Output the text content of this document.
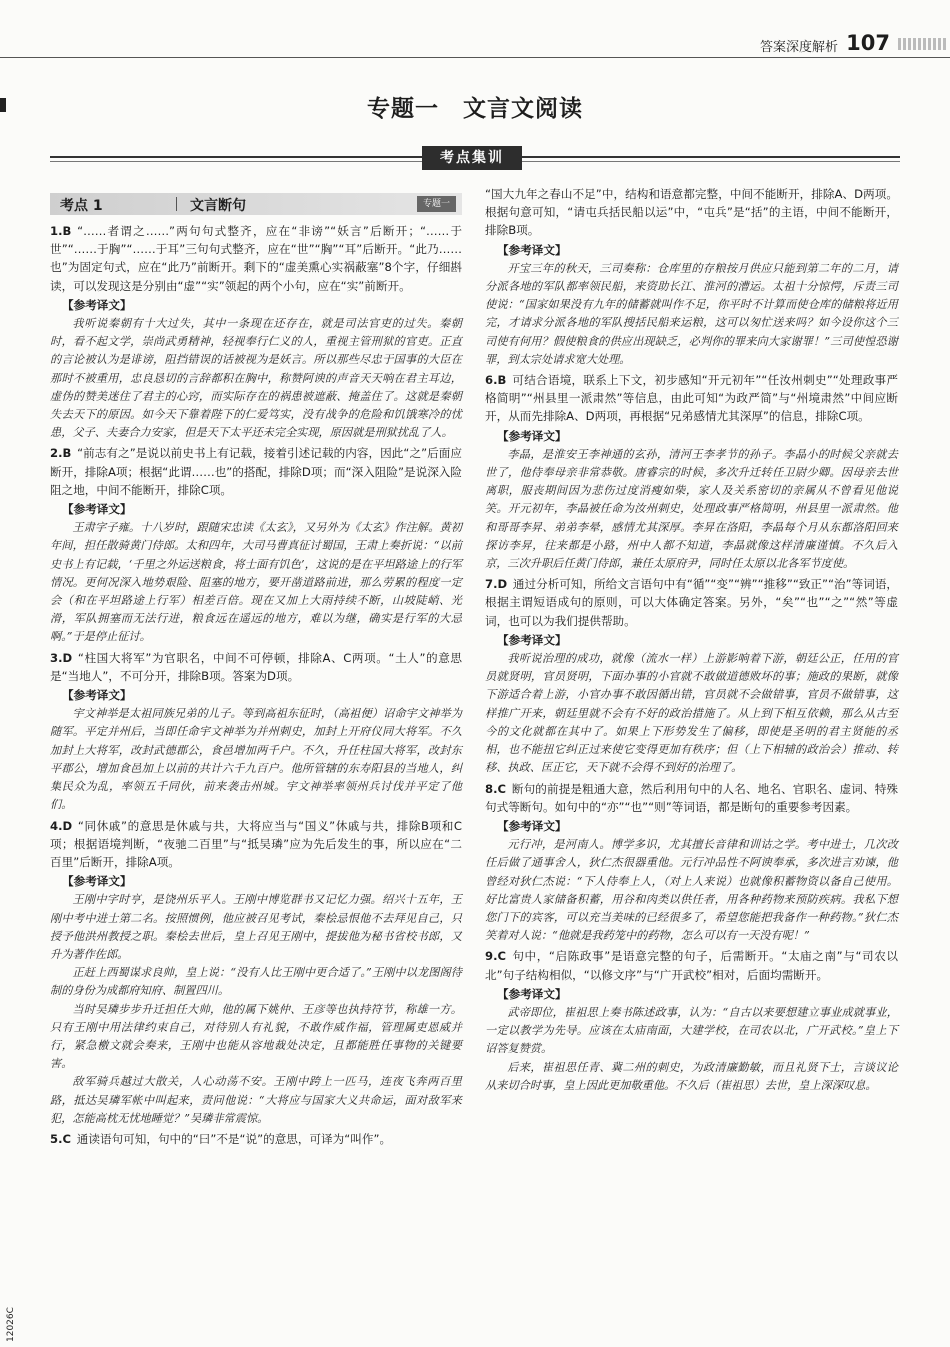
答案深度解析 107
专题一　文言文阅读
考点集训
考点 1	文言断句	专题一

1.B  “……者谓之……”两句句式整齐，应在“非谤”“妖言”后断开；“……于世”“……于胸”“……于耳”三句句式整齐，应在“世”“胸”“耳”后断开。“此乃……也”为固定句式，应在“此乃”前断开。剩下的“虚美熏心实祸蔽塞”8个字，仔细斟读，可以发现这是分别由“虚”“实”领起的两个小句，应在“实”前断开。

【参考译文】

我听说秦朝有十大过失，其中一条现在还存在，就是司法官吏的过失。秦朝时，看不起文学，崇尚武勇精神，轻视奉行仁义的人，重视主管刑狱的官吏。正直的言论被认为是诽谤，阻挡错误的话被视为是妖言。所以那些尽忠于国事的大臣在那时不被重用，忠良恳切的言辞都积在胸中，称赞阿谀的声音天天响在君主耳边，虚伪的赞美迷住了君主的心窍，而实际存在的祸患被遮蔽、掩盖住了。这就是秦朝失去天下的原因。如今天下靠着陛下的仁爱笃实，没有战争的危险和饥饿寒冷的忧患，父子、夫妻合力安家，但是天下太平还未完全实现，原因就是刑狱扰乱了人。

2.B  “前志有之”是说以前史书上有记载，接着引述记载的内容，因此“之”后面应断开，排除A项；根据“此谓……也”的搭配，排除D项；而“深入阻险”是说深入险阻之地，中间不能断开，排除C项。

【参考译文】

王肃字子雍。十八岁时，跟随宋忠读《太玄》，又另外为《太玄》作注解。黄初年间，担任散骑黄门侍郎。太和四年，大司马曹真征讨蜀国，王肃上奏折说：“以前史书上有记载，‘千里之外运送粮食，将士面有饥色’，这说的是在平坦路途上的行军情况。更何况深入地势艰险、阻塞的地方，要开凿道路前进，那么劳累的程度一定会（和在平坦路途上行军）相差百倍。现在又加上大雨持续不断，山坡陡峭、光滑，军队拥塞而无法行进，粮食远在遥远的地方，难以为继，确实是行军的大忌啊。”于是停止征讨。

3.D  “柱国大将军”为官职名，中间不可停顿，排除A、C两项。“土人”的意思是“当地人”，不可分开，排除B项。答案为D项。

【参考译文】

宇文神举是太祖同族兄弟的儿子。等到高祖东征时，（高祖便）诏命宇文神举为随军。平定并州后，当即任命宇文神举为并州刺史，加封上开府仪同大将军。不久加封上大将军，改封武德郡公，食邑增加两千户。不久，升任柱国大将军，改封东平郡公，增加食邑加上以前的共计六千九百户。他所管辖的东寿阳县的当地人，纠集民众为乱，率领五千同伙，前来袭击州城。宇文神举率领州兵讨伐并平定了他们。

4.D  “同休戚”的意思是休戚与共，大将应当与“国义”休戚与共，排除B项和C项；根据语境判断，“夜驰二百里”与“抵吴璘”应为先后发生的事，所以应在“二百里”后断开，排除A项。

【参考译文】

王刚中字时亨，是饶州乐平人。王刚中博览群书又记忆力强。绍兴十五年，王刚中考中进士第二名。按照惯例，他应被召见考试，秦桧忌恨他不去拜见自己，只授予他洪州教授之职。秦桧去世后，皇上召见王刚中，提拔他为秘书省校书郎，又升为著作佐郎。

正赶上西蜀谋求良帅，皇上说：“没有人比王刚中更合适了。”王刚中以龙图阁待制的身份为成都府知府、制置四川。

当时吴璘步步升迁担任大帅，他的属下姚仲、王彦等也执持符节，称雄一方。只有王刚中用法律约束自己，对待别人有礼貌，不敢作威作福，管理属吏恩威并行，紧急檄文就会奏来，王刚中也能从容地裁处决定，且都能胜任事物的关键要害。

敌军骑兵越过大散关，人心动荡不安。王刚中跨上一匹马，连夜飞奔两百里路，抵达吴璘军帐中叫起来，责问他说：“大将应与国家大义共命运，面对敌军来犯，怎能高枕无忧地睡觉？”吴璘非常震惊。

5.C  通读语句可知，句中的“曰”不是“说”的意思，可译为“叫作”。

“国大九年之春山不足”中，结构和语意都完整，中间不能断开，排除A、D两项。根据句意可知，“请屯兵括民船以运”中，“屯兵”是“括”的主语，中间不能断开，排除B项。

【参考译文】

开宝三年的秋天，三司奏称：仓库里的存粮按月供应只能到第二年的二月，请分派各地的军队都率领民船，来资助长江、淮河的漕运。太祖十分惊愕，斥责三司使说：“国家如果没有九年的储蓄就叫作不足，你平时不计算而使仓库的储粮将近用完，才请求分派各地的军队搜括民船来运粮，这可以匆忙送来吗？如今设你这个三司使有何用？假使粮食的供应出现缺乏，必判你的罪来向大家谢罪！”三司使惶恐谢罪，到太宗处请求宽大处理。

6.B  可结合语境，联系上下文，初步感知“开元初年”“任汝州刺史”“处理政事严格简明”“州县里一派肃然”等信息，由此可知“为政严简”与“州境肃然”中间应断开，从而先排除A、D两项，再根据“兄弟感情尤其深厚”的信息，排除C项。

【参考译文】

李晶，是淮安王李神通的玄孙，清河王李孝节的孙子。李晶小的时候父亲就去世了，他侍奉母亲非常恭敬。唐睿宗的时候，多次升迁转任卫尉少卿。因母亲去世离职，服丧期间因为悲伤过度消瘦如柴，家人及关系密切的亲属从不曾看见他说笑。开元初年，李晶被任命为汝州刺史，处理政事严格简明，州县里一派肃然。他和哥哥李昇、弟弟李晕，感情尤其深厚。李昇在洛阳，李晶每个月从东都洛阳回来探访李昇，往来都是小路，州中人都不知道，李晶就像这样清廉谨慎。不久后入京，三次升职后任黄门侍郎，兼任太原府尹，同时任太原以北各军节度使。

7.D  通过分析可知，所给文言语句中有“循”“变”“辨”“推移”“致正”“治”等词语，根据主谓短语成句的原则，可以大体确定答案。另外，“矣”“也”“之”“然”等虚词，也可以为我们提供帮助。

【参考译文】

我听说治理的成功，就像（流水一样）上游影响着下游，朝廷公正，任用的官员就贤明，官员贤明，下面办事的小官就不敢做道德败坏的事；施政的果断，就像下游适合着上游，小官办事不敢因循出错，官员就不会做错事，官员不做错事，这样推广开来，朝廷里就不会有不好的政治措施了。从上到下相互依赖，那么从古至今的文化就都在其中了。如果上下形势发生了偏移，即使是圣明的君主贤能的丞相，也不能扭它纠正过来使它变得更加有秩序；但（上下相辅的政治会）推动、转移、执政、匡正它，天下就不会得不到好的治理了。

8.C  断句的前提是粗通大意，然后利用句中的人名、地名、官职名、虚词、特殊句式等断句。如句中的“亦”“也”“则”等词语，都是断句的重要参考因素。

【参考译文】

元行冲，是河南人。博学多识，尤其擅长音律和训诂之学。考中进士，几次改任后做了通事舍人，狄仁杰很器重他。元行冲品性不阿谀奉承，多次进言劝谏，他曾经对狄仁杰说：“下人侍奉上人，（对上人来说）也就像积蓄物资以备自己使用。好比富贵人家储备积蓄，用谷和肉类以供任者，用各种药物来预防疾病。我私下想您门下的宾客，可以充当美味的已经很多了，希望您能把我备作一种药物。”狄仁杰笑着对人说：“他就是我药笼中的药物，怎么可以有一天没有呢！”

9.C  句中，“启陈政事”是语意完整的句子，后需断开。“太庙之南”与“司农以北”句子结构相似，“以修文序”与“广开武校”相对，后面均需断开。

【参考译文】

武帝即位，崔祖思上奏书陈述政事，认为：“自古以来要想建立事业成就事业，一定以教学为先导。应该在太庙南面，大建学校，在司农以北，广开武校。”皇上下诏答复赞赏。

后来，崔祖思任青、冀二州的刺史，为政清廉勤敏，而且礼贤下士，言谈议论从来切合时事，皇上因此更加敬重他。不久后（崔祖思）去世，皇上深深叹息。

12026C
